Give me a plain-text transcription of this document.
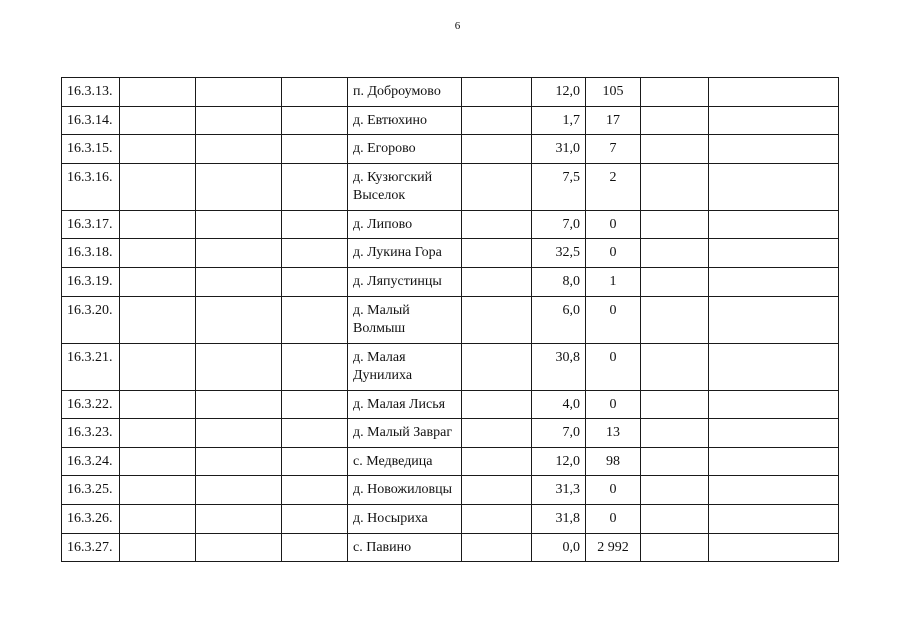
6
16.3.13.				п. Доброумово		12,0	105		
16.3.14.				д. Евтюхино		1,7	17		
16.3.15.				д. Егорово		31,0	7		
16.3.16.				д. Кузюгский Выселок		7,5	2		
16.3.17.				д. Липово		7,0	0		
16.3.18.				д. Лукина Гора		32,5	0		
16.3.19.				д. Ляпустинцы		8,0	1		
16.3.20.				д. Малый Волмыш		6,0	0		
16.3.21.				д. Малая Дунилиха		30,8	0		
16.3.22.				д. Малая Лисья		4,0	0		
16.3.23.				д. Малый Завраг		7,0	13		
16.3.24.				с. Медведица		12,0	98		
16.3.25.				д. Новожиловцы		31,3	0		
16.3.26.				д. Носыриха		31,8	0		
16.3.27.				с. Павино		0,0	2 992		
